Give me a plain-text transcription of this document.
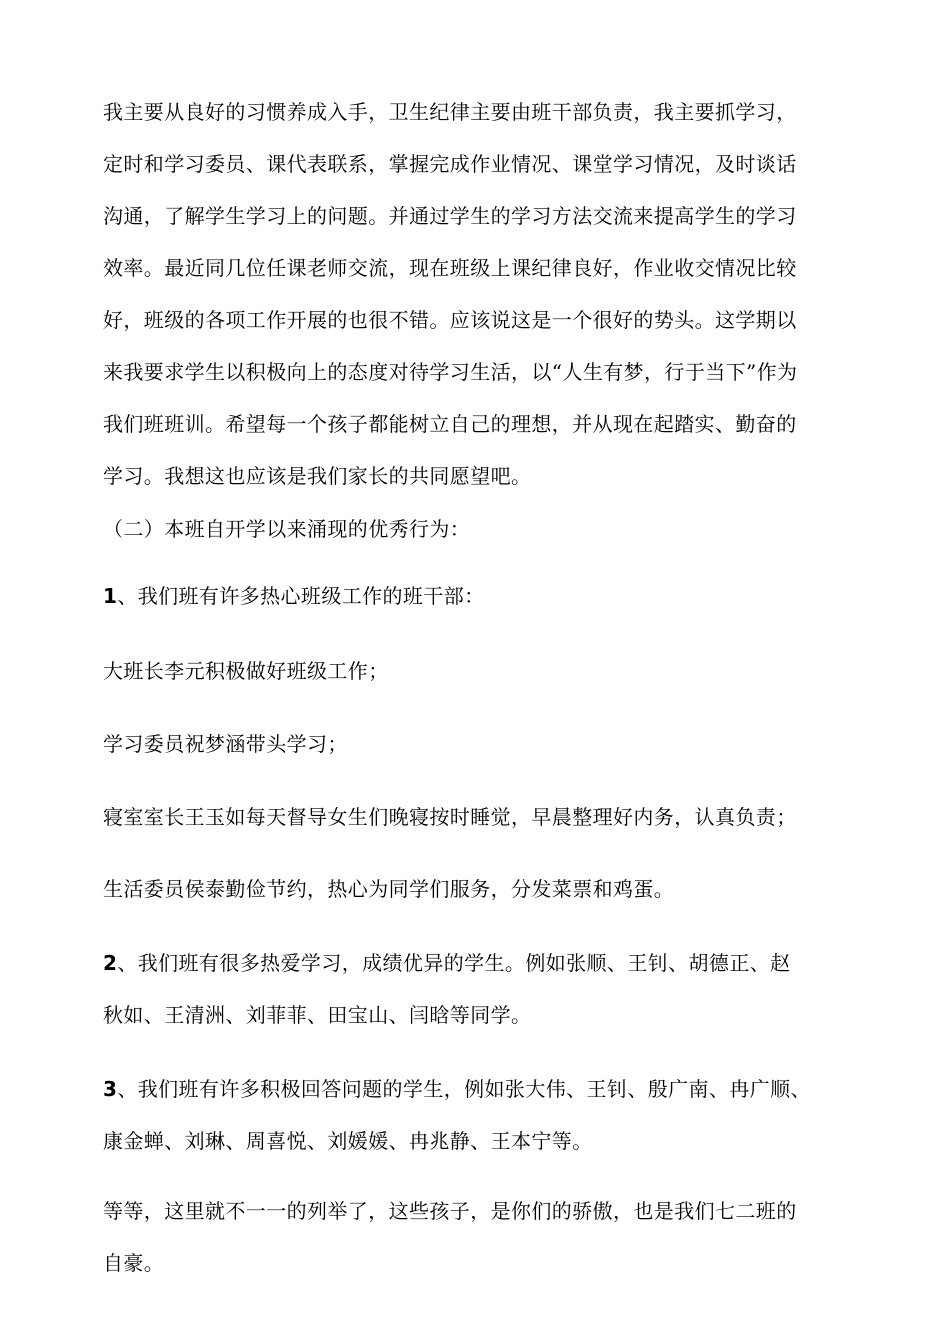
我主要从良好的习惯养成入手，卫生纪律主要由班干部负责，我主要抓学习，
定时和学习委员、课代表联系，掌握完成作业情况、课堂学习情况，及时谈话
沟通，了解学生学习上的问题。并通过学生的学习方法交流来提高学生的学习
效率。最近同几位任课老师交流，现在班级上课纪律良好，作业收交情况比较
好，班级的各项工作开展的也很不错。应该说这是一个很好的势头。这学期以
来我要求学生以积极向上的态度对待学习生活，以“人生有梦，行于当下”作为
我们班班训。希望每一个孩子都能树立自己的理想，并从现在起踏实、勤奋的
学习。我想这也应该是我们家长的共同愿望吧。
（二）本班自开学以来涌现的优秀行为：
1、我们班有许多热心班级工作的班干部：
大班长李元积极做好班级工作；
学习委员祝梦涵带头学习；
寝室室长王玉如每天督导女生们晚寝按时睡觉，早晨整理好内务，认真负责；
生活委员侯泰勤俭节约，热心为同学们服务，分发菜票和鸡蛋。
2、我们班有很多热爱学习，成绩优异的学生。例如张顺、王钊、胡德正、赵
秋如、王清洲、刘菲菲、田宝山、闫晗等同学。
3、我们班有许多积极回答问题的学生，例如张大伟、王钊、殷广南、冉广顺、
康金蝉、刘琳、周喜悦、刘媛媛、冉兆静、王本宁等。
等等，这里就不一一的列举了，这些孩子，是你们的骄傲，也是我们七二班的
自豪。
